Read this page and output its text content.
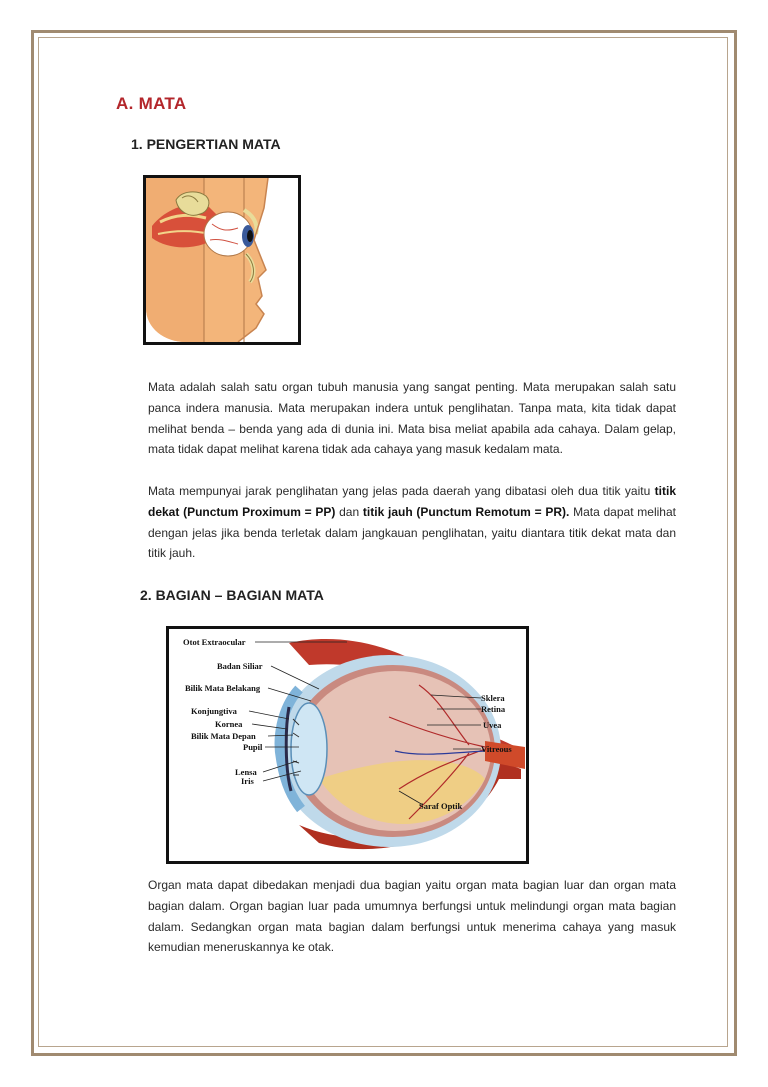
A. MATA
1. PENGERTIAN MATA
Mata adalah salah satu organ tubuh manusia yang sangat penting. Mata merupakan salah satu panca indera manusia. Mata merupakan indera untuk penglihatan. Tanpa mata, kita tidak dapat melihat benda – benda yang ada di dunia ini. Mata bisa meliat apabila ada cahaya. Dalam gelap, mata tidak dapat melihat karena tidak ada cahaya yang masuk kedalam mata.
Mata mempunyai jarak penglihatan yang jelas pada daerah yang dibatasi oleh dua titik yaitu titik dekat (Punctum Proximum = PP) dan titik jauh (Punctum Remotum = PR). Mata dapat melihat dengan jelas jika benda terletak dalam jangkauan penglihatan, yaitu diantara titik dekat mata dan titik jauh.
2. BAGIAN – BAGIAN MATA
Otot Extraocular
Badan Siliar
Bilik Mata Belakang
Konjungtiva
Kornea
Bilik Mata Depan
Pupil
Lensa
Iris
Sklera
Retina
Uvea
Vitreous
Saraf Optik
Organ mata dapat dibedakan menjadi dua bagian yaitu organ mata bagian luar dan organ mata bagian dalam. Organ bagian luar pada umumnya berfungsi untuk melindungi organ mata bagian dalam. Sedangkan organ mata bagian dalam berfungsi untuk menerima cahaya yang masuk kemudian meneruskannya ke otak.
